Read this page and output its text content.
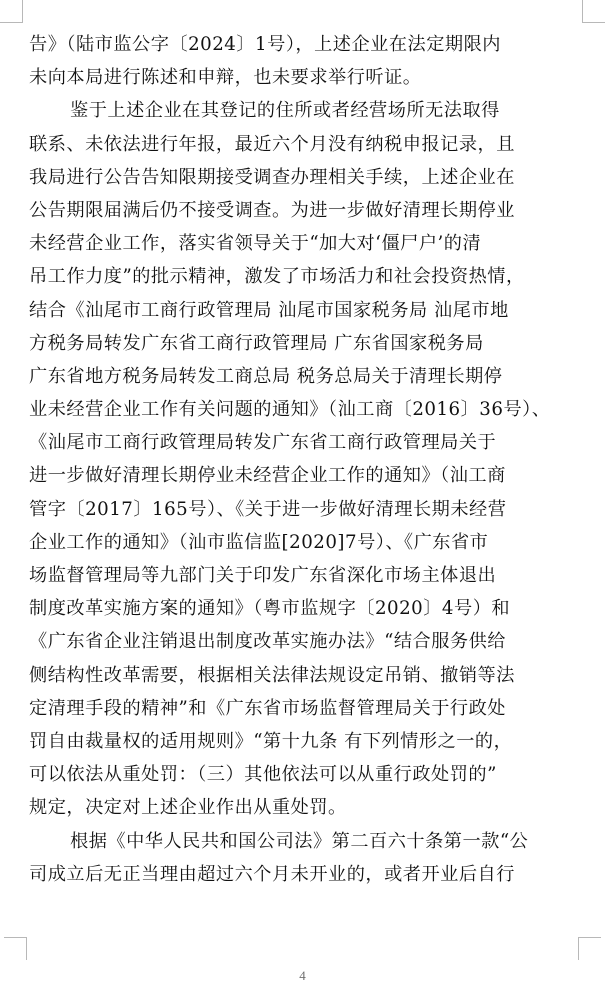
告》（陆市监公字〔2024〕1号），上述企业在法定期限内
未向本局进行陈述和申辩，也未要求举行听证。
鉴于上述企业在其登记的住所或者经营场所无法取得
联系、未依法进行年报，最近六个月没有纳税申报记录，且
我局进行公告告知限期接受调查办理相关手续，上述企业在
公告期限届满后仍不接受调查。为进一步做好清理长期停业
未经营企业工作，落实省领导关于“加大对‘僵尸户’的清
吊工作力度”的批示精神，激发了市场活力和社会投资热情，
结合《汕尾市工商行政管理局 汕尾市国家税务局 汕尾市地
方税务局转发广东省工商行政管理局 广东省国家税务局
广东省地方税务局转发工商总局 税务总局关于清理长期停
业未经营企业工作有关问题的通知》（汕工商〔2016〕36号）、
《汕尾市工商行政管理局转发广东省工商行政管理局关于
进一步做好清理长期停业未经营企业工作的通知》（汕工商
管字〔2017〕165号）、《关于进一步做好清理长期未经营
企业工作的通知》（汕市监信监[2020]7号）、《广东省市
场监督管理局等九部门关于印发广东省深化市场主体退出
制度改革实施方案的通知》（粤市监规字〔2020〕4号）和
《广东省企业注销退出制度改革实施办法》“结合服务供给
侧结构性改革需要，根据相关法律法规设定吊销、撤销等法
定清理手段的精神”和《广东省市场监督管理局关于行政处
罚自由裁量权的适用规则》“第十九条 有下列情形之一的，
可以依法从重处罚：（三）其他依法可以从重行政处罚的”
规定，决定对上述企业作出从重处罚。
根据《中华人民共和国公司法》第二百六十条第一款“公
司成立后无正当理由超过六个月未开业的，或者开业后自行
4
